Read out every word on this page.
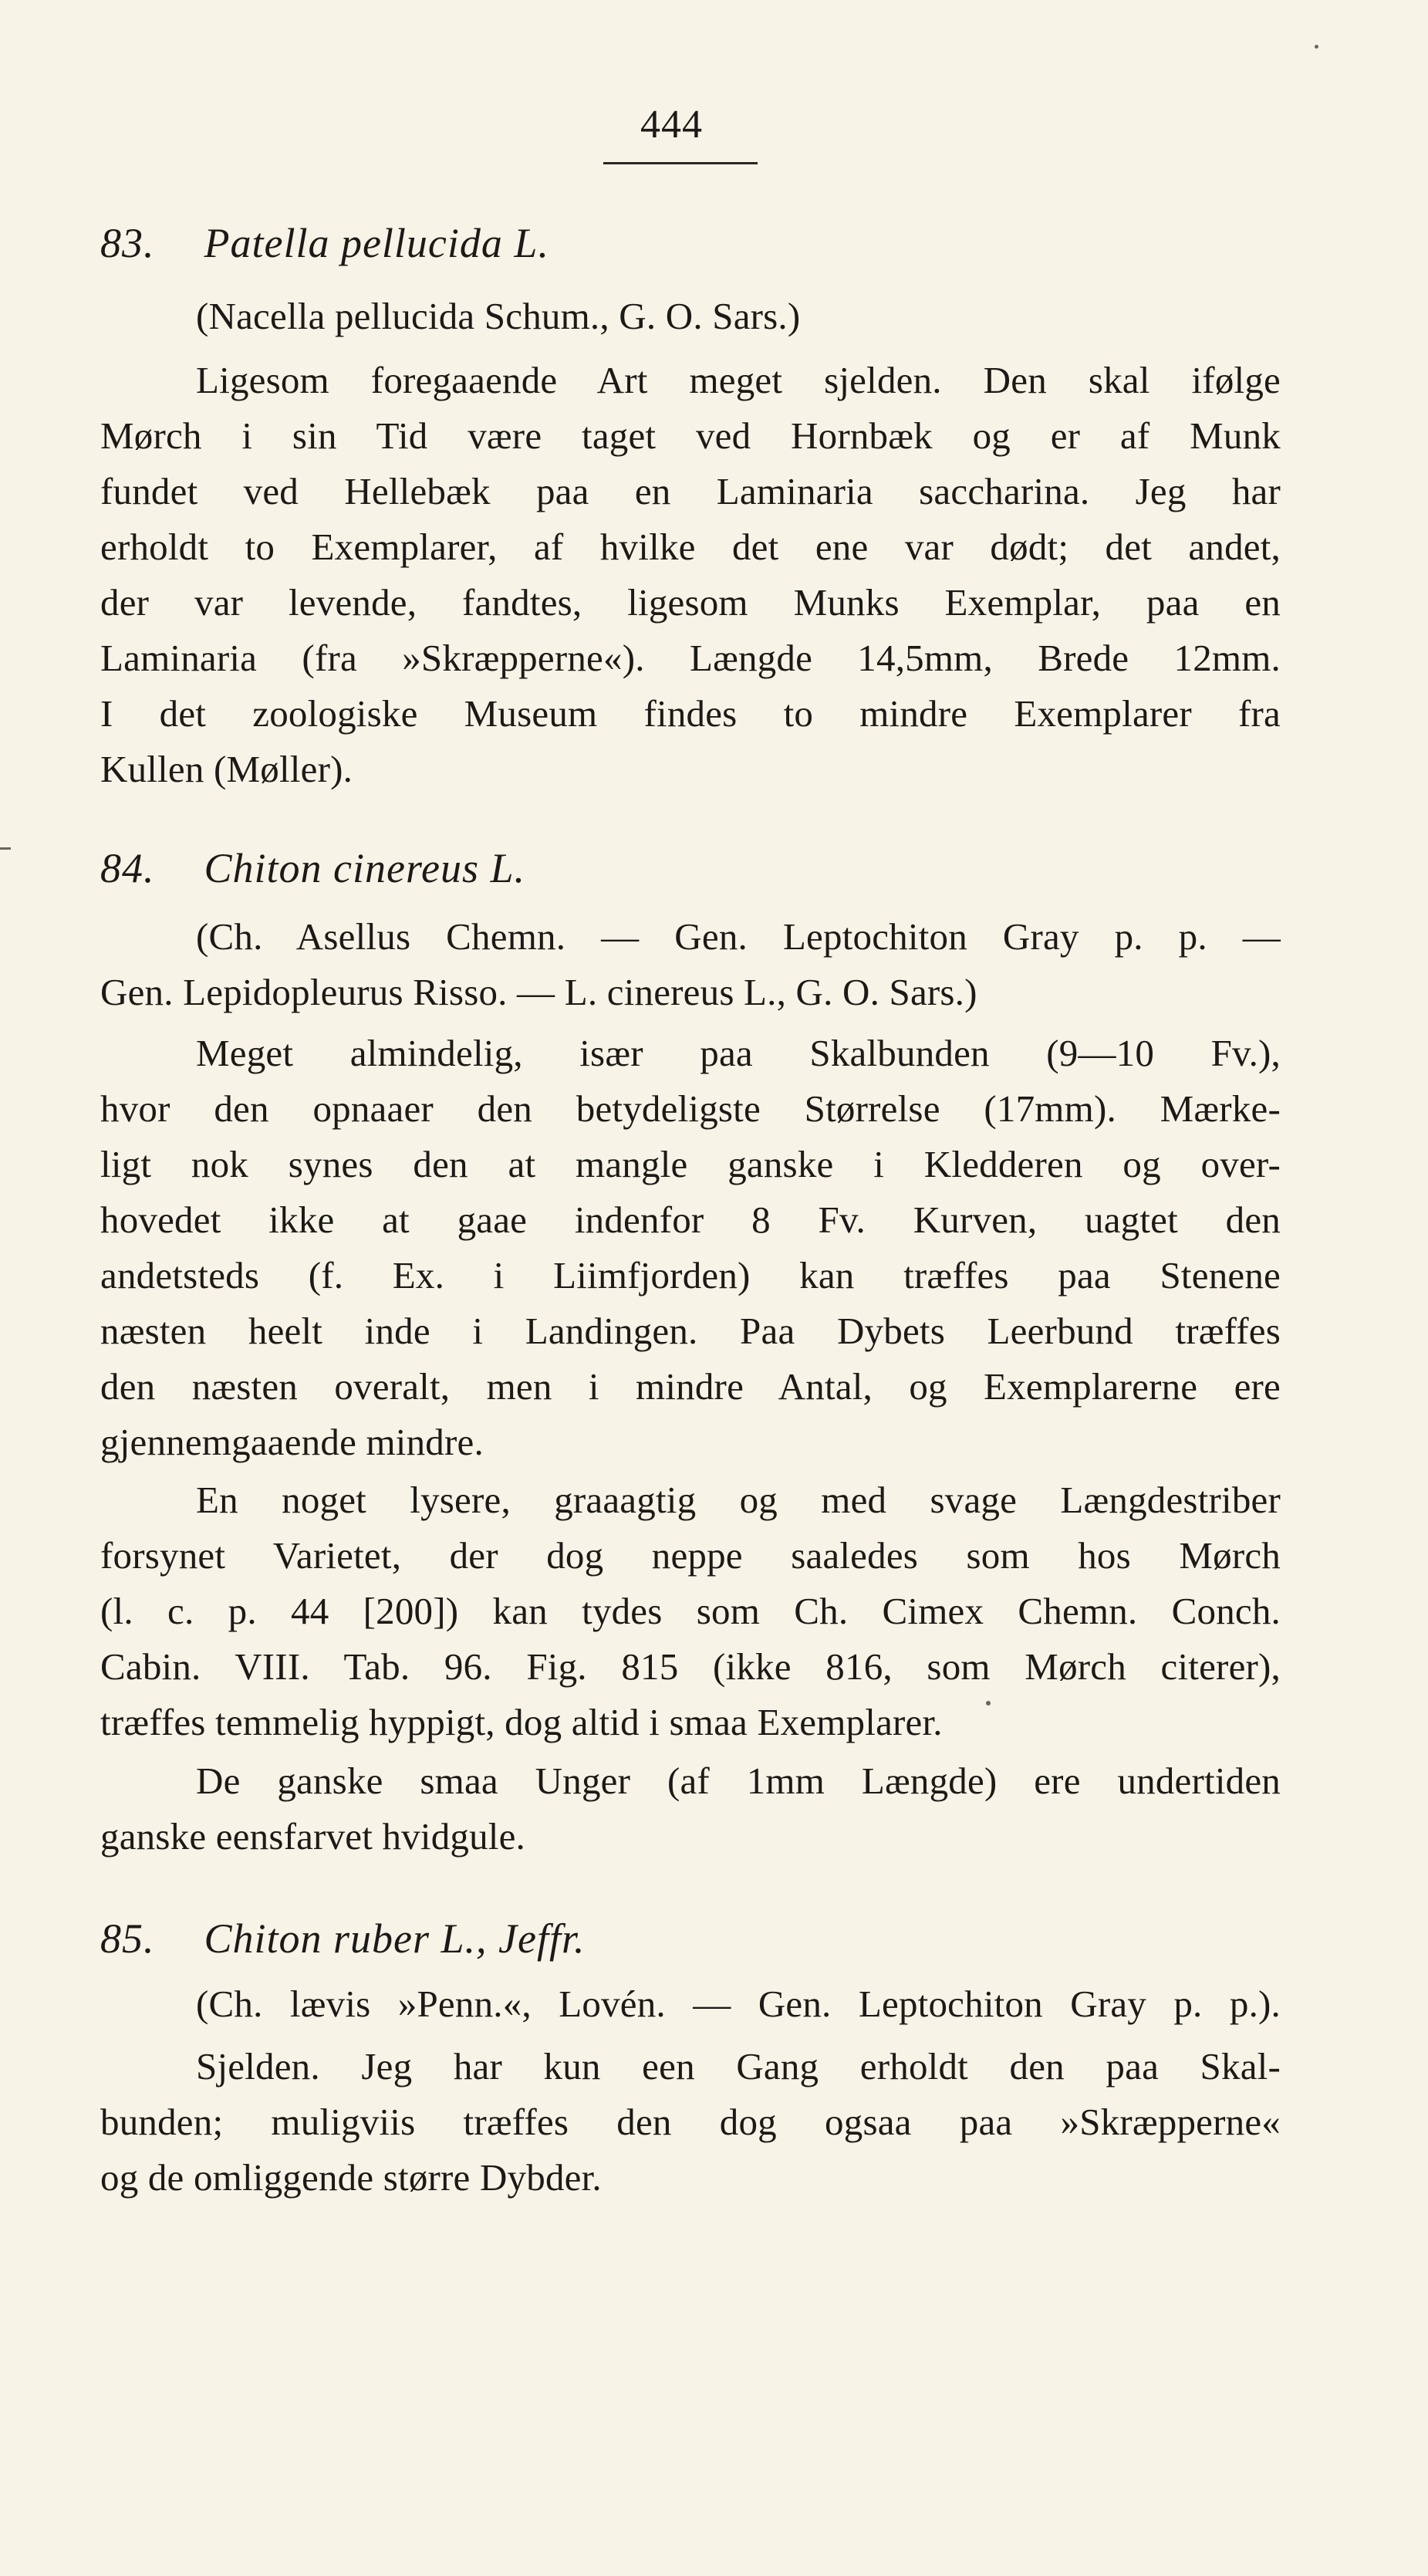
444
83. Patella pellucida L.
(Nacella pellucida Schum., G. O. Sars.)
Ligesom foregaaende Art meget sjelden. Den skal ifølge
Mørch i sin Tid være taget ved Hornbæk og er af Munk
fundet ved Hellebæk paa en Laminaria saccharina. Jeg har
erholdt to Exemplarer, af hvilke det ene var dødt; det andet,
der var levende, fandtes, ligesom Munks Exemplar, paa en
Laminaria (fra »Skræpperne«). Længde 14,5mm, Brede 12mm.
I det zoologiske Museum findes to mindre Exemplarer fra
Kullen (Møller).
84. Chiton cinereus L.
(Ch. Asellus Chemn. — Gen. Leptochiton Gray p. p. —
Gen. Lepidopleurus Risso. — L. cinereus L., G. O. Sars.)
Meget almindelig, især paa Skalbunden (9—10 Fv.),
hvor den opnaaer den betydeligste Størrelse (17mm). Mærke-
ligt nok synes den at mangle ganske i Kledderen og over-
hovedet ikke at gaae indenfor 8 Fv. Kurven, uagtet den
andetsteds (f. Ex. i Liimfjorden) kan træffes paa Stenene
næsten heelt inde i Landingen. Paa Dybets Leerbund træffes
den næsten overalt, men i mindre Antal, og Exemplarerne ere
gjennemgaaende mindre.
En noget lysere, graaagtig og med svage Længdestriber
forsynet Varietet, der dog neppe saaledes som hos Mørch
(l. c. p. 44 [200]) kan tydes som Ch. Cimex Chemn. Conch.
Cabin. VIII. Tab. 96. Fig. 815 (ikke 816, som Mørch citerer),
træffes temmelig hyppigt, dog altid i smaa Exemplarer.
De ganske smaa Unger (af 1mm Længde) ere undertiden
ganske eensfarvet hvidgule.
85. Chiton ruber L., Jeffr.
(Ch. lævis »Penn.«, Lovén. — Gen. Leptochiton Gray p. p.).
Sjelden. Jeg har kun een Gang erholdt den paa Skal-
bunden; muligviis træffes den dog ogsaa paa »Skræpperne«
og de omliggende større Dybder.
